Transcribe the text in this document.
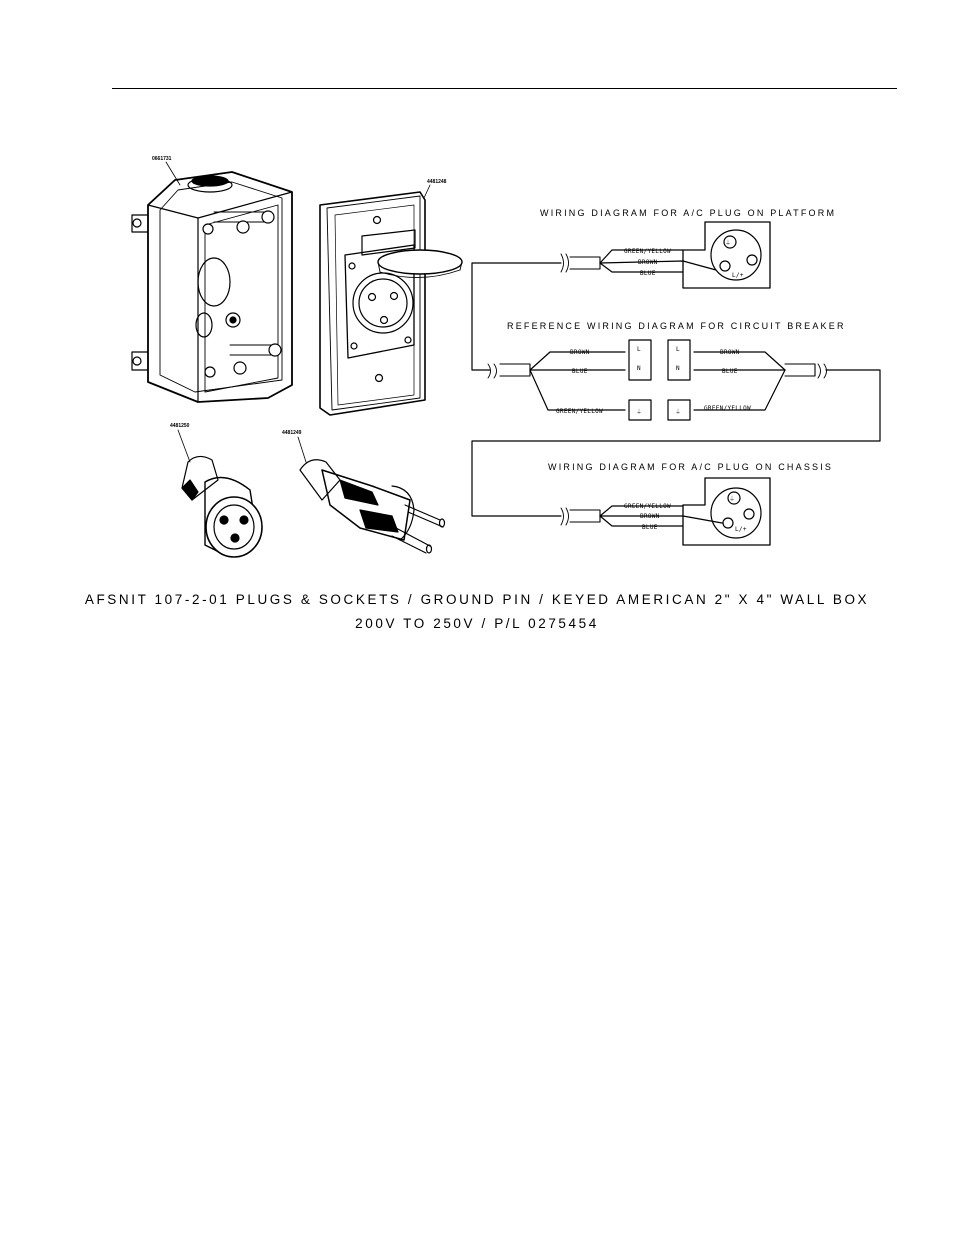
0661731
4481248
4481250
4481249
WIRING DIAGRAM FOR A/C PLUG ON PLATFORM
⏚
L/+
GREEN/YELLOW
BROWN
BLUE
REFERENCE WIRING DIAGRAM FOR CIRCUIT BREAKER
BROWN
BLUE
GREEN/YELLOW
L
N
L
N
⏚	⏚
BROWN
BLUE
GREEN/YELLOW
WIRING DIAGRAM FOR A/C PLUG ON CHASSIS
⏚
L/+
GREEN/YELLOW
BROWN
BLUE
AFSNIT 107-2-01 PLUGS & SOCKETS / GROUND PIN / KEYED AMERICAN 2" X 4" WALL BOX
200V TO 250V / P/L 0275454
